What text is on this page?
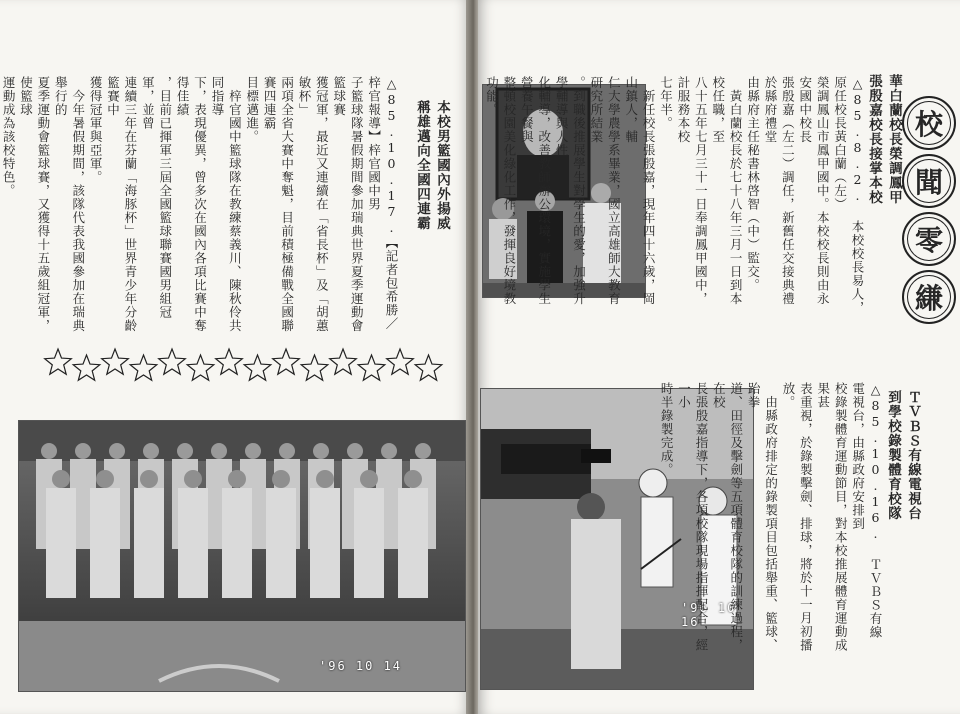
本校男籃國內外揚威
稱雄邁向全國四連霸
△85.10.17.【記者包希勝／梓官報導】梓官國中男
子籃球隊暑假期間參加瑞典世界夏季運動會籃球賽
獲冠軍，最近又連續在「省長杯」及「胡蕙敏杯」
兩項全省大賽中奪魁，目前積極備戰全國聯賽四連霸
目標邁進。
　梓官國中籃球隊在教練蔡義川、陳秋伶共同指導
下，表現優異，曾多次在國內各項比賽中奪得佳績
，目前已揮軍三屆全國籃球聯賽國男組冠軍，並曾
連續三年在芬蘭「海豚杯」世界青少年分齡籃賽中
獲得冠軍與亞軍。
　今年暑假期間，該隊代表我國參加在瑞典舉行的
夏季運動會籃球賽，又獲得十五歲組冠軍，使籃球
運動成為該校特色。

'96 10 14
△85.8.2. 本校校長易人，原任校長黃白蘭（左）
榮調鳳山市鳳甲國中。本校校長則由永安國中校長
張殷嘉（左二）調任，新舊任交接典禮於縣府禮堂
由縣府主任秘書林啓智（中）監交。
　黃白蘭校長於七十八年三月一日到本校任職，至
八十五年七月三十一日奉調鳳甲國中，計服務本校
七年半。
　新任校長張殷嘉，現年四十六歲，岡山鎮人，輔
仁大學農學系畢業，國立高雄師大教育研究所結業
。到職後推展學生對學生的愛，加強升學輔導與人性
化輔導，改善教師辦公環境，實施學生營養午餐與
整頓校園美化綠化工作，發揮良好境教功能。	華白蘭校長榮調鳳甲
張殷嘉校長接掌本校
'96 10 16
△85.10.16. ＴＶＢＳ有線電視台，由縣政府安排到
校錄製體育運動節目，對本校推展體育運動成果甚
表重視，於錄製擊劍、排球，將於十一月初播放。
　由縣政府排定的錄製項目包括舉重、籃球、跆拳
道、田徑及擊劍等五項體育校隊的訓練過程，在校
長張殷嘉指導下，各項校隊現場指揮配合，經一小
時半錄製完成。	ＴＶＢＳ有線電視台
到學校錄製體育校隊
校
聞
零
縑
